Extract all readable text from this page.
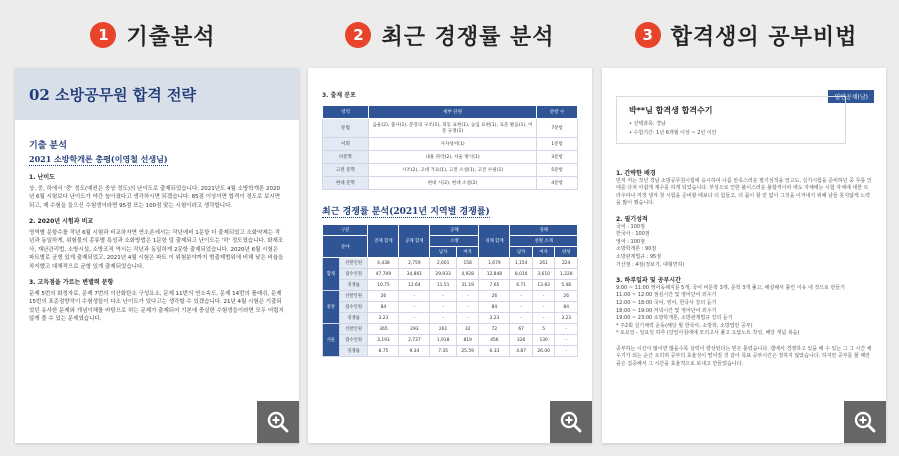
1 기출분석
02 소방공무원 합격 전략
기출 분석
2021 소방학개론 총평(이영철 선생님)
1. 난이도

상, 중, 하에서 '중' 정도(예컨은 중상 정도)의 난이도로 출제되었습니다. 2021년도 4월 소방학개론 2020년 6월 시험보다 난이도가 약간 높아졌다고 생각하시면 되겠습니다. 85점 이상이면 합격이 정도로 보시면 되고, 제 수험을 들으신 수험생이라면 95점 또는 100점 맞는 시험이라고 생각합니다.

2. 2020년 시험과 비교

영역별 문항수를 작년 6월 시험과 비교하자면 연소론에서는 작년에비 1문항 더 출제되었고 소화약제는 작년과 동일하게, 위험물의 종류별 특성과 소화방법은 1문항 덜 출제되고 난이도는 '하' 정도였습니다. 화재조사, 재난관리법, 소방시설, 소방조직 역시는 작년과 동일하게 2문항 출제되었습니다. 2020년 6월 시험은 파트별로 균형 있게 출제되었고, 2021년 4월 시험은 파트 이 위험분야까지 범출제범위에 비해 낮은 비율을 차지했고 대체적으로 균형 있게 출제되었습니다.

3. 고득점을 가르는 변별력 문항

문제 5번의 화정자료, 문제 7번의 이산화탄소 구성요소, 문제 11번의 연소속도, 문제 14번의 플래쉬, 문제 15번의 표준점향작이 수험생들이 다소 난이도가 있다고는 생각할 수 있겠습니다. 21년 4월 시험은 기출되었던 유사한 문제와 개념이해를 바탕으로 하는 문제가 출제되어 기본에 충실한 수험생들이라면 모두 어렵지 않게 풀 수 있는 문제였습니다.

2 최근 경쟁률 분석
3. 출제 분포
영역	세부 단원	문항 수
문법	음운(2), 품사(1), 문장의 구조(1), 피동 표현(1), 높임 표현(1), 표준 발음(1), 어문 규정(1)	7문항
어휘	사자성어(1)	1문항
비문학	내용 파악(2), 서술 방식(1)	3문항
고전 문학	시조(2), 고대 가요(1), 고전 소설(1), 고전 수필(1)	5문항
현대 문학	현대 시(2), 현대 소설(2)	4문항
최근 경쟁률 분석(2021년 지역별 경쟁률)
구분		전체 합계	공채 합계	공채		경채 합계	경채		
분야				소방			설별 소계		
				남자	여자		남자	여자	양성
합계	선발인원	4,438	2,759	2,601	158	1,679	1,154	261	224
	접수인원	47,709	34,861	29,933	4,928	12,848	8,010	3,610	1,228
	경쟁률	10.75	12.64	11.51	31.19	7.65	6.71	13.83	5.48
중앙	선발인원	26	-	-	-	26	-	-	26
	접수인원	84	-	-	-	84	-	-	84
	경쟁률	3.23	-	-	-	3.23	-	-	3.23
서울	선발인원	365	293	261	32	72	67	5	-
	접수인원	3,193	2,737	1,918	819	456	326	130	-
	경쟁률	8.75	9.34	7.35	25.59	6.33	4.87	26.00	-
3 합격생의 공부비법
일반공채(남)
박**님 합격생 합격수기
• 선택과목: 경남
• 수험기간: 1년 6개월 이상 ~ 2년 이만
1. 간략한 배경
먼저 저는 작년 경남 소방공무원시험에 응시하여 나름 만족스러운 필기성적을 얻고도, 실기시험을 준비하던 중 무릎 인대를 다쳐 아쉽게 재수를 하게 되었습니다. 부상으로 인한 불이스러운 불합격이라 애도 자체에는 시험 자체에 대한 트라우마나 걱정 생겨 첫 시험을 준비할 때보다 더 힘들고, 더 뭄이 할 만 없이 그것을 이겨내기 위해 남들 못지않게 노력을 많이 했습니다.
2. 필기성적
국어 : 100점
한국사 : 100점
영어 : 100점
소방학개론 : 90점
소방관계법규 : 95점
가산점 : 4점(정보기, 대형면허)
3. 하루일과 및 공부시간
9:00 ~ 11:00 영어독해지문 5개, 국어 비문학 3개, 문학 3개 풀고, 해설해서 틀린 이유 내 것으로 만들기
11:00 ~ 12:00 점심시간 및 영어단어 외우기
12:00 ~ 18:00 국어, 영어, 한국사 강의 듣기
18:00 ~ 19:00 저녁시간 및 영어단어 외우기
19:00 ~ 23:00 소방학개론, 소방관계법규 강의 듣기
* 주2회 실기체력 운동(해당 월 한국사, 소방학, 소방법만 공부)
* 토요일 - 일요일 하루 (당일아침에에 모의고사 풀고 오답노트 작성, 해당 개념 복습)
공부하는 시간이 많이면 많을수록 실력이 향상된다는 믿은 틀렸습니다. 캠에서 경쟁하고 있을 때 수 있는 그 그 시간 채우기가 되는 순간 오히려 공부의 효율성이 떨어질 것 같아 목표 공부시간은 정하지 않았습니다. 하지만 공부를 할 때만큼은 집중해서 그 시간을 효율적으로 보내고 만들었습니다.
